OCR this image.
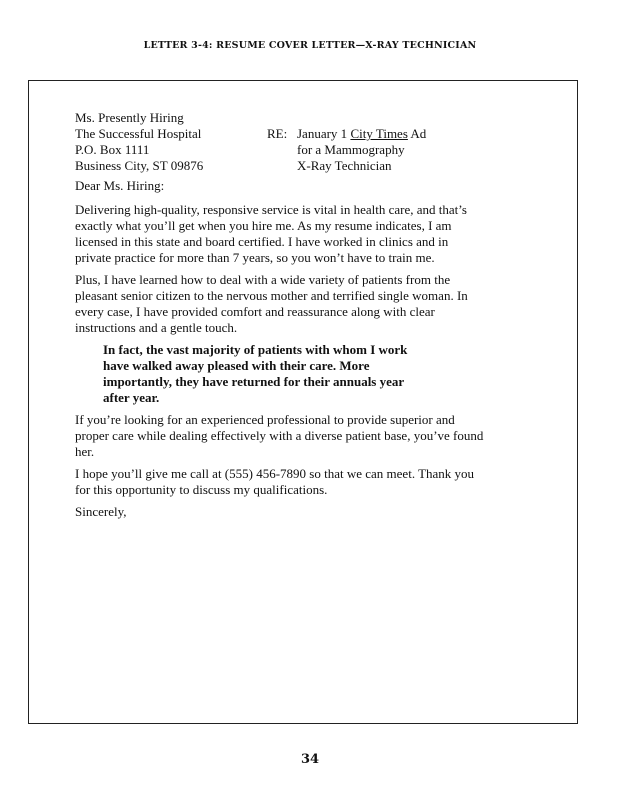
LETTER 3-4: RESUME COVER LETTER—X-RAY TECHNICIAN
Ms. Presently Hiring
The Successful Hospital	RE: January 1 City Times Ad
P.O. Box 1111	for a Mammography
Business City, ST 09876	X-Ray Technician

Dear Ms. Hiring:

Delivering high-quality, responsive service is vital in health care, and that’s exactly what you’ll get when you hire me. As my resume indicates, I am licensed in this state and board certified. I have worked in clinics and in private practice for more than 7 years, so you won’t have to train me.

Plus, I have learned how to deal with a wide variety of patients from the pleasant senior citizen to the nervous mother and terrified single woman. In every case, I have provided comfort and reassurance along with clear instructions and a gentle touch.

In fact, the vast majority of patients with whom I work have walked away pleased with their care. More importantly, they have returned for their annuals year after year.

If you’re looking for an experienced professional to provide superior and proper care while dealing effectively with a diverse patient base, you’ve found her.

I hope you’ll give me call at (555) 456-7890 so that we can meet. Thank you for this opportunity to discuss my qualifications.

Sincerely,

34
